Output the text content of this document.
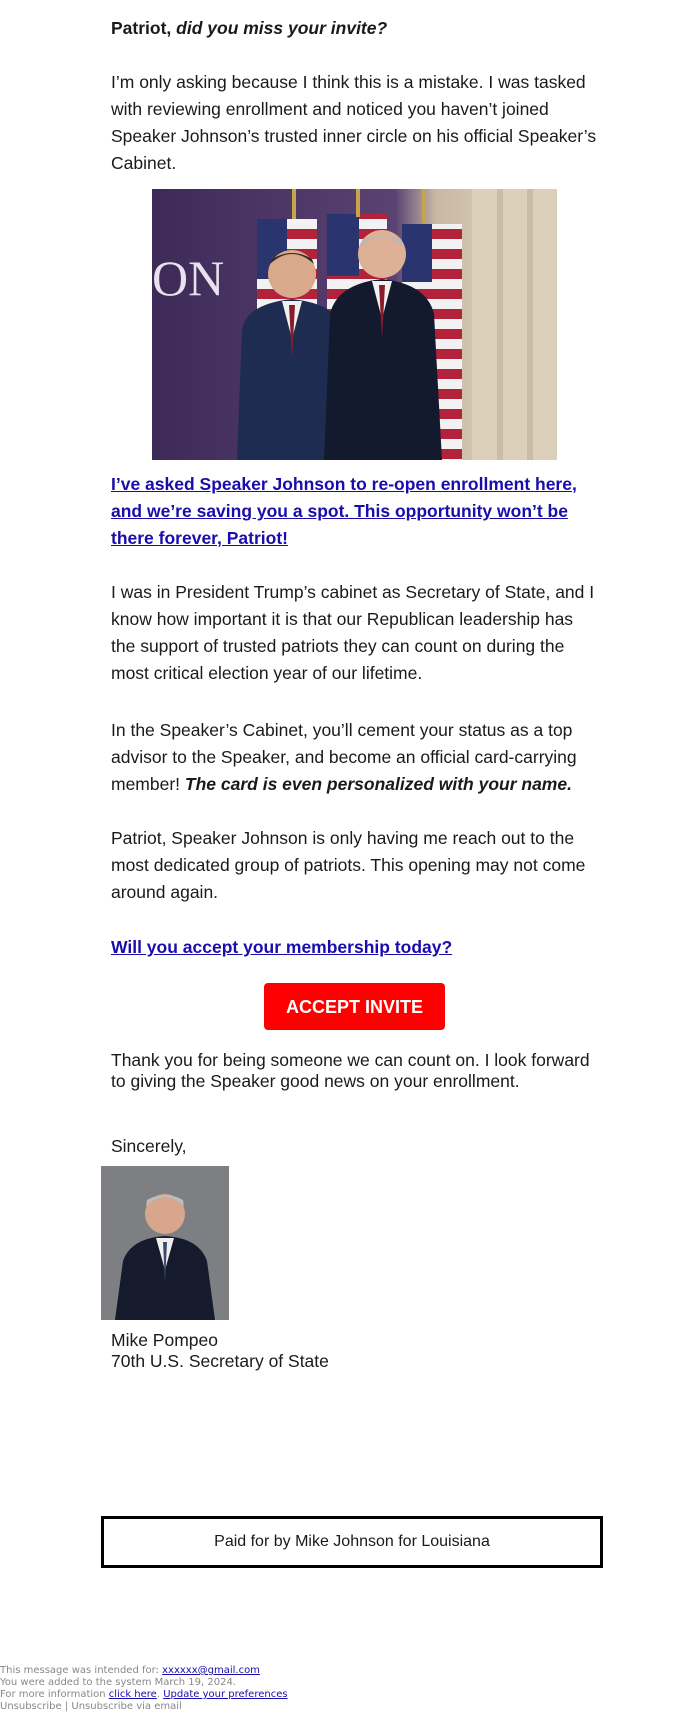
Patriot, did you miss your invite?

I’m only asking because I think this is a mistake. I was tasked with reviewing enrollment and noticed you haven’t joined Speaker Johnson’s trusted inner circle on his official Speaker’s Cabinet.

ON
I’ve asked Speaker Johnson to re-open enrollment here, and we’re saving you a spot. This opportunity won’t be there forever, Patriot!

I was in President Trump’s cabinet as Secretary of State, and I know how important it is that our Republican leadership has the support of trusted patriots they can count on during the most critical election year of our lifetime.

In the Speaker’s Cabinet, you’ll cement your status as a top advisor to the Speaker, and become an official card-carrying member! The card is even personalized with your name.

Patriot, Speaker Johnson is only having me reach out to the most dedicated group of patriots. This opening may not come around again.

Will you accept your membership today?
ACCEPT INVITE

Thank you for being someone we can count on. I look forward to giving the Speaker good news on your enrollment.

Sincerely,

Mike Pompeo
70th U.S. Secretary of State
Paid for by Mike Johnson for Louisiana
This message was intended for: xxxxxx@gmail.com
You were added to the system March 19, 2024.
For more information click here. Update your preferences
Unsubscribe | Unsubscribe via email
